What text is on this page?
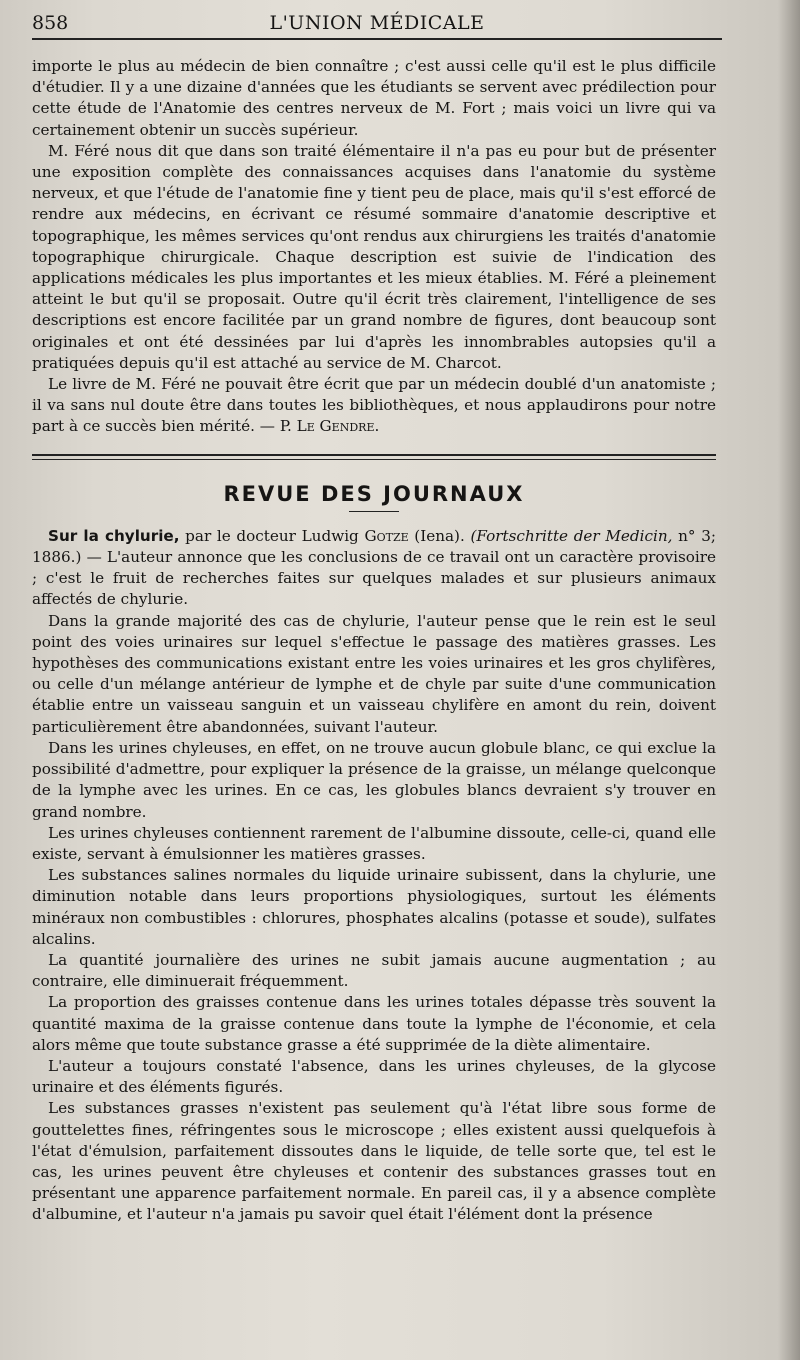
858	L'UNION MÉDICALE

importe le plus au médecin de bien connaître ; c'est aussi celle qu'il est le plus difficile d'étudier. Il y a une dizaine d'années que les étudiants se servent avec prédilection pour cette étude de l'Anatomie des centres nerveux de M. Fort ; mais voici un livre qui va certainement obtenir un succès supérieur.

M. Féré nous dit que dans son traité élémentaire il n'a pas eu pour but de présenter une exposition complète des connaissances acquises dans l'anatomie du système nerveux, et que l'étude de l'anatomie fine y tient peu de place, mais qu'il s'est efforcé de rendre aux médecins, en écrivant ce résumé sommaire d'anatomie descriptive et topographique, les mêmes services qu'ont rendus aux chirurgiens les traités d'anatomie topographique chirurgicale. Chaque description est suivie de l'indication des applications médicales les plus importantes et les mieux établies. M. Féré a pleinement atteint le but qu'il se proposait. Outre qu'il écrit très clairement, l'intelligence de ses descriptions est encore facilitée par un grand nombre de figures, dont beaucoup sont originales et ont été dessinées par lui d'après les innombrables autopsies qu'il a pratiquées depuis qu'il est attaché au service de M. Charcot.

Le livre de M. Féré ne pouvait être écrit que par un médecin doublé d'un anatomiste ; il va sans nul doute être dans toutes les bibliothèques, et nous applaudirons pour notre part à ce succès bien mérité. — P. Le Gendre.

REVUE DES JOURNAUX

Sur la chylurie, par le docteur Ludwig Gotze (Iena). (Fortschritte der Medicin, n° 3; 1886.) — L'auteur annonce que les conclusions de ce travail ont un caractère provisoire ; c'est le fruit de recherches faites sur quelques malades et sur plusieurs animaux affectés de chylurie.

Dans la grande majorité des cas de chylurie, l'auteur pense que le rein est le seul point des voies urinaires sur lequel s'effectue le passage des matières grasses. Les hypothèses des communications existant entre les voies urinaires et les gros chylifères, ou celle d'un mélange antérieur de lymphe et de chyle par suite d'une communication établie entre un vaisseau sanguin et un vaisseau chylifère en amont du rein, doivent particulièrement être abandonnées, suivant l'auteur.

Dans les urines chyleuses, en effet, on ne trouve aucun globule blanc, ce qui exclue la possibilité d'admettre, pour expliquer la présence de la graisse, un mélange quelconque de la lymphe avec les urines. En ce cas, les globules blancs devraient s'y trouver en grand nombre.

Les urines chyleuses contiennent rarement de l'albumine dissoute, celle-ci, quand elle existe, servant à émulsionner les matières grasses.

Les substances salines normales du liquide urinaire subissent, dans la chylurie, une diminution notable dans leurs proportions physiologiques, surtout les éléments minéraux non combustibles : chlorures, phosphates alcalins (potasse et soude), sulfates alcalins.

La quantité journalière des urines ne subit jamais aucune augmentation ; au contraire, elle diminuerait fréquemment.

La proportion des graisses contenue dans les urines totales dépasse très souvent la quantité maxima de la graisse contenue dans toute la lymphe de l'économie, et cela alors même que toute substance grasse a été supprimée de la diète alimentaire.

L'auteur a toujours constaté l'absence, dans les urines chyleuses, de la glycose urinaire et des éléments figurés.

Les substances grasses n'existent pas seulement qu'à l'état libre sous forme de gouttelettes fines, réfringentes sous le microscope ; elles existent aussi quelquefois à l'état d'émulsion, parfaitement dissoutes dans le liquide, de telle sorte que, tel est le cas, les urines peuvent être chyleuses et contenir des substances grasses tout en présentant une apparence parfaitement normale. En pareil cas, il y a absence complète d'albumine, et l'auteur n'a jamais pu savoir quel était l'élément dont la présence
